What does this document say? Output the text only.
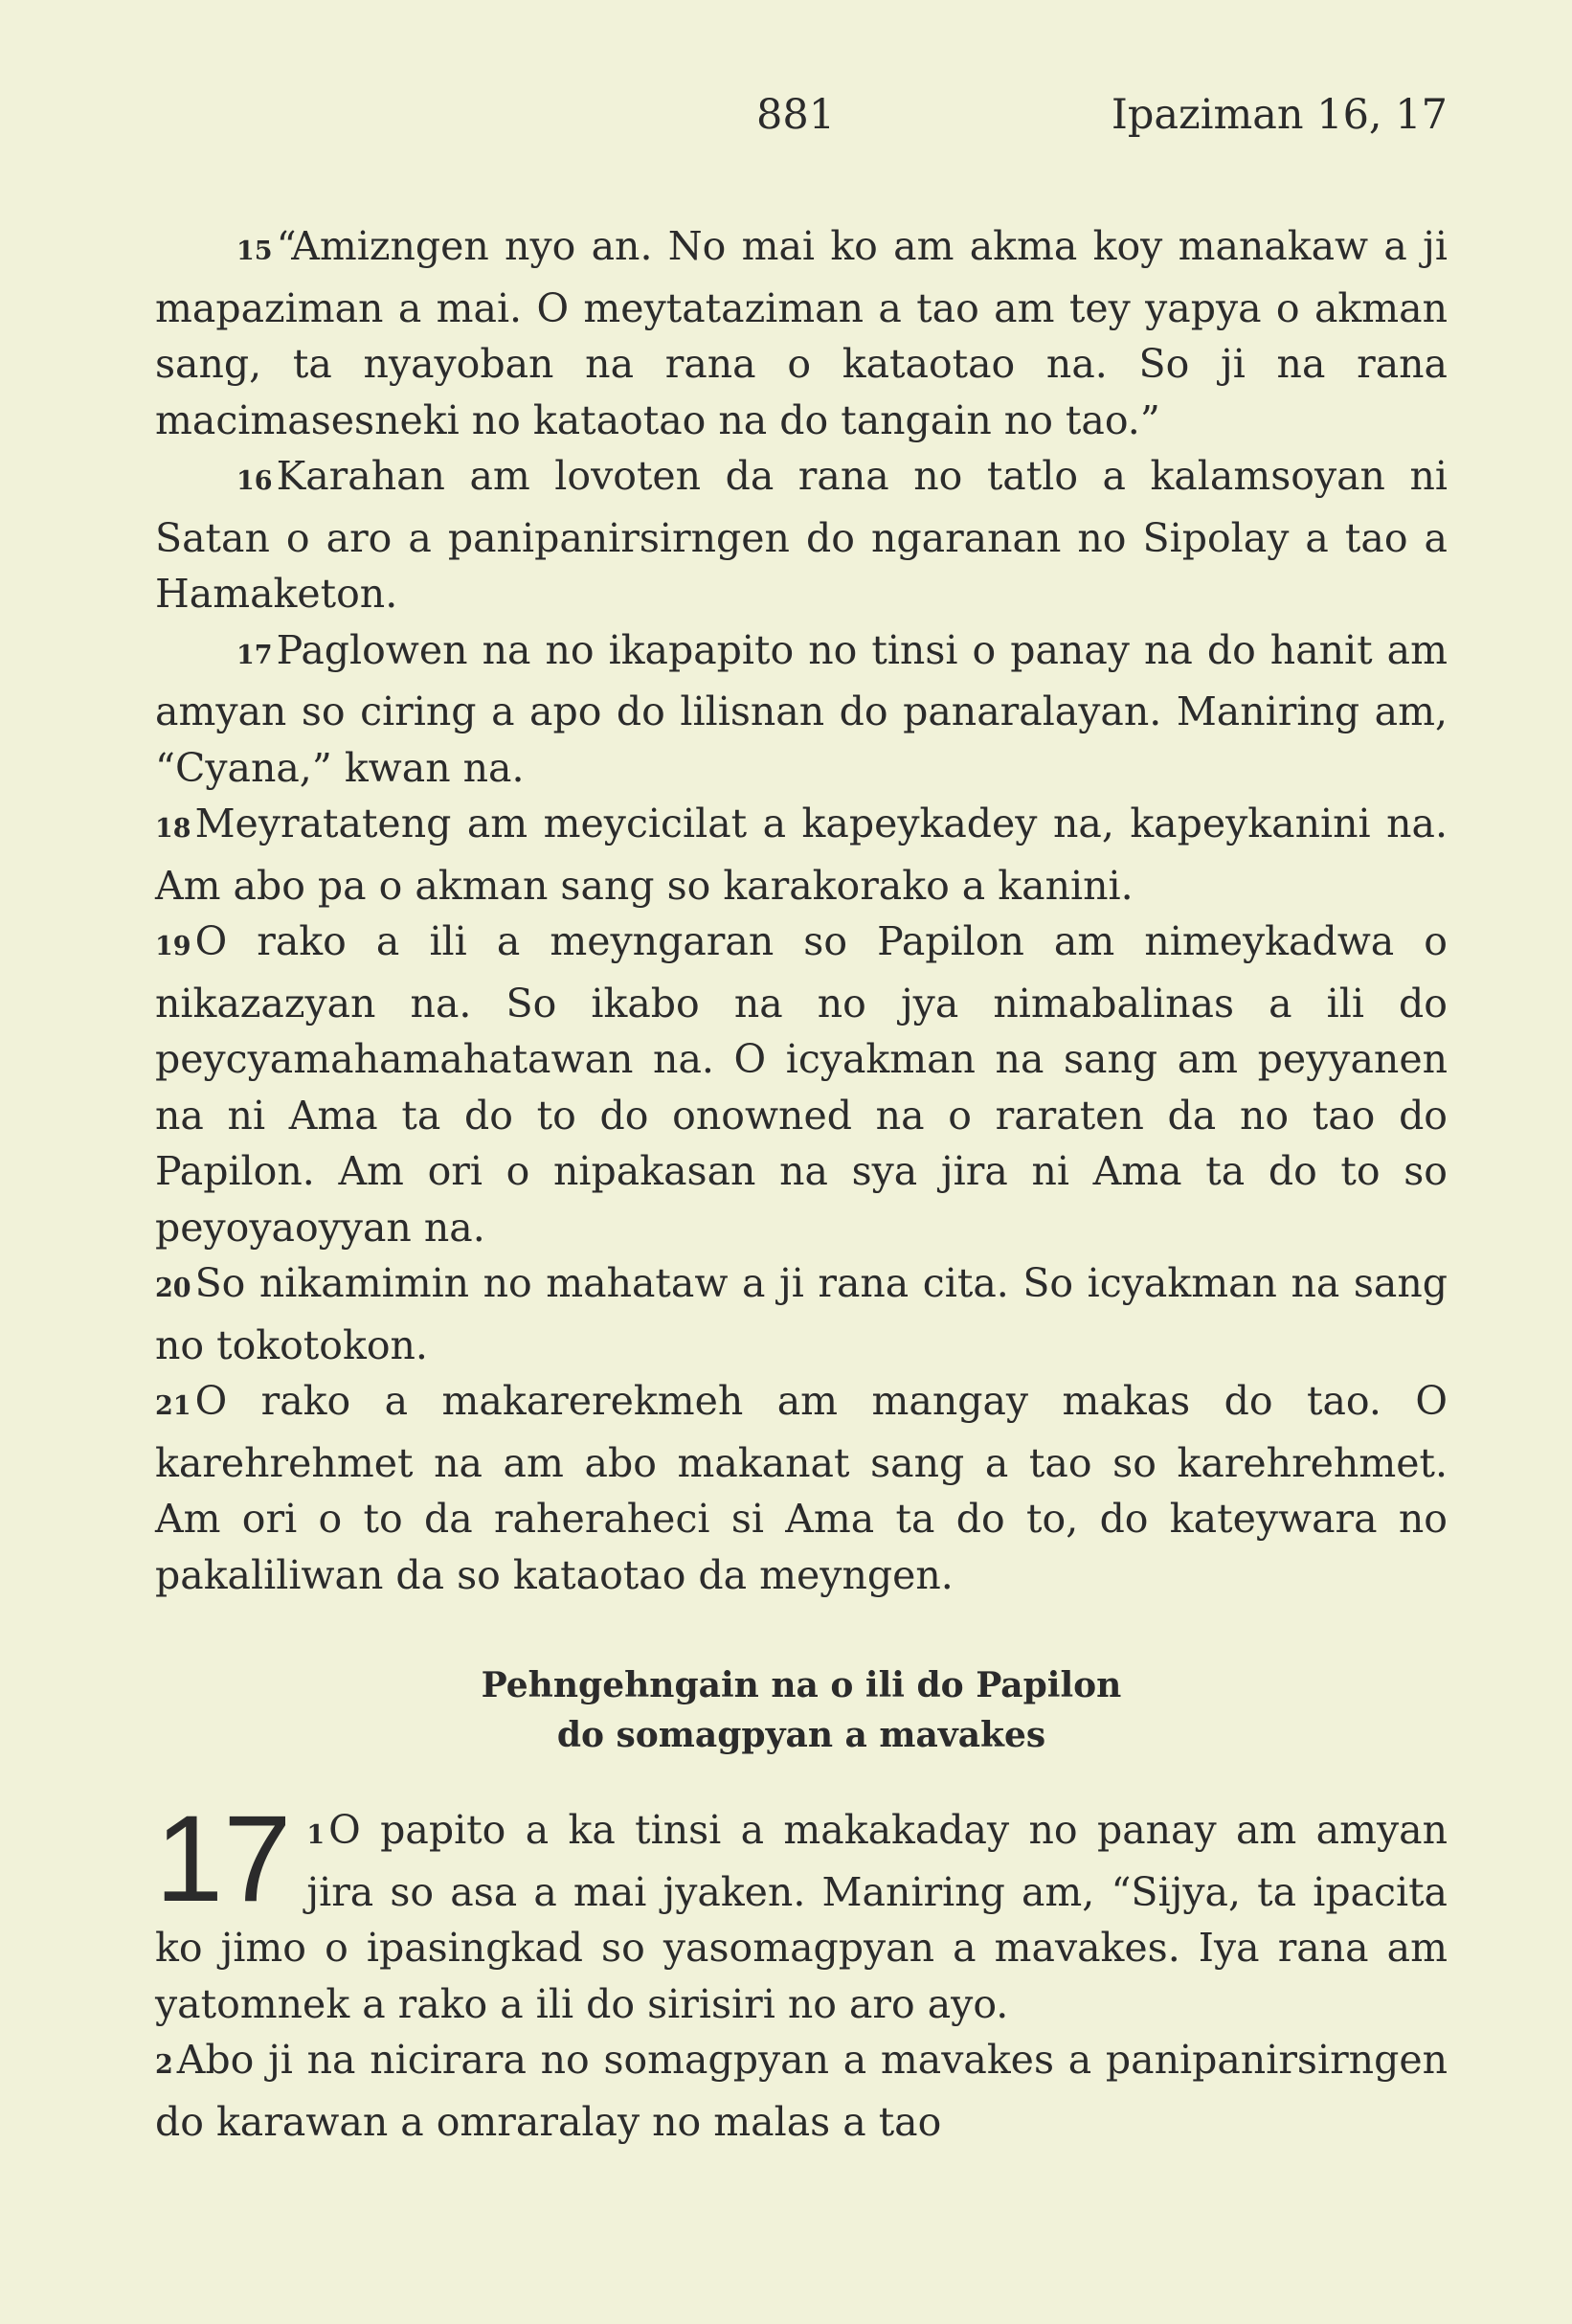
881	Ipaziman 16, 17

15“Amizngen nyo an. No mai ko am akma koy manakaw a ji mapaziman a mai. O meytataziman a tao am tey yapya o akman sang, ta nyayoban na rana o kataotao na. So ji na rana macimasesneki no kataotao na do tangain no tao.”

16Karahan am lovoten da rana no tatlo a kalamsoyan ni Satan o aro a panipanirsirngen do ngaranan no Sipolay a tao a Hamaketon.

17Paglowen na no ikapapito no tinsi o panay na do hanit am amyan so ciring a apo do lilisnan do panaralayan. Maniring am, “Cyana,” kwan na.

18Meyratateng am meycicilat a kapeykadey na, kapeykanini na. Am abo pa o akman sang so karakorako a kanini.

19O rako a ili a meyngaran so Papilon am nimeykadwa o nikazazyan na. So ikabo na no jya nimabalinas a ili do peycyamahamahatawan na. O icyakman na sang am peyyanen na ni Ama ta do to do onowned na o raraten da no tao do Papilon. Am ori o nipakasan na sya jira ni Ama ta do to so peyoyaoyyan na.

20So nikamimin no mahataw a ji rana cita. So icyakman na sang no tokotokon.

21O rako a makarerekmeh am mangay makas do tao. O karehrehmet na am abo makanat sang a tao so karehrehmet. Am ori o to da raheraheci si Ama ta do to, do kateywara no pakaliliwan da so kataotao da meyngen.

Pehngehngain na o ili do Papilon
do somagpyan a mavakes

17 1O papito a ka tinsi a makakaday no panay am amyan jira so asa a mai jyaken. Maniring am, “Sijya, ta ipacita ko jimo o ipasingkad so yasomagpyan a mavakes. Iya rana am yatomnek a rako a ili do sirisiri no aro ayo.

2Abo ji na nicirara no somagpyan a mavakes a panipanirsirngen do karawan a omraralay no malas a tao
